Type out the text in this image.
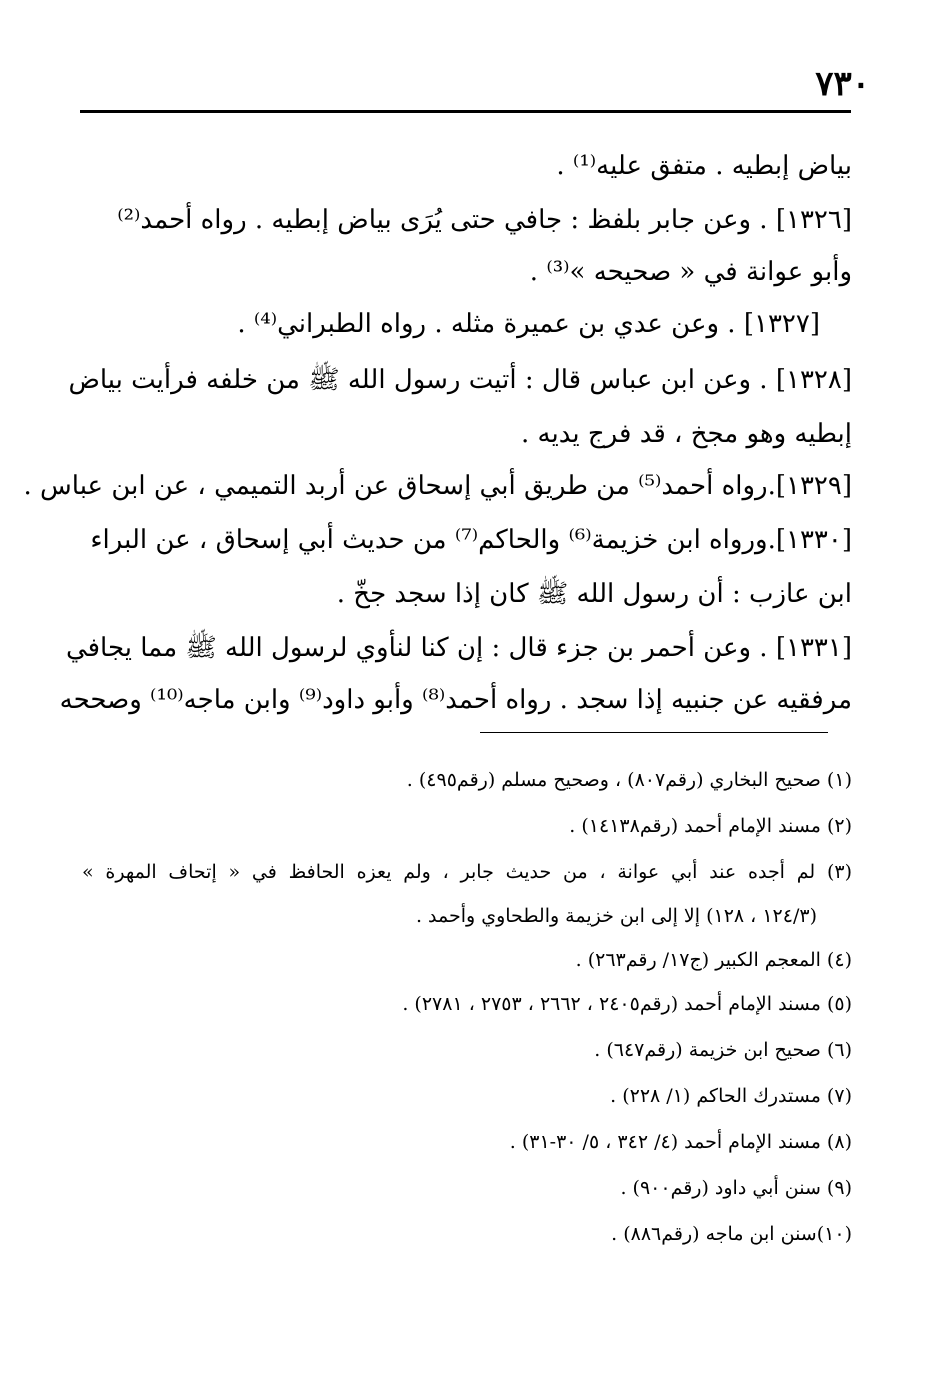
٧٣٠
بياض إبطيه . متفق عليه⁽¹⁾ .
[١٣٢٦] . وعن جابر بلفظ : جافي حتى يُرَى بياض إبطيه . رواه أحمد⁽²⁾
وأبو عوانة في « صحيحه »⁽³⁾ .
[١٣٢٧] . وعن عدي بن عميرة مثله . رواه الطبراني⁽⁴⁾ .
[١٣٢٨] . وعن ابن عباس قال : أتيت رسول الله ﷺ من خلفه فرأيت بياض
إبطيه وهو مجخ ، قد فرج يديه .
[١٣٢٩].رواه أحمد⁽⁵⁾ من طريق أبي إسحاق عن أربد التميمي ، عن ابن عباس .
[١٣٣٠].ورواه ابن خزيمة⁽⁶⁾ والحاكم⁽⁷⁾ من حديث أبي إسحاق ، عن البراء
ابن عازب : أن رسول الله ﷺ كان إذا سجد جخّ .
[١٣٣١] . وعن أحمر بن جزء قال : إن كنا لنأوي لرسول الله ﷺ مما يجافي
مرفقيه عن جنبيه إذا سجد . رواه أحمد⁽⁸⁾ وأبو داود⁽⁹⁾ وابن ماجه⁽¹⁰⁾ وصححه
(١) صحيح البخاري (رقم٨٠٧) ، وصحيح مسلم (رقم٤٩٥) .
(٢) مسند الإمام أحمد (رقم١٤١٣٨) .
(٣) لم أجده عند أبي عوانة ، من حديث جابر ، ولم يعزه الحافظ في « إتحاف المهرة »
(١٢٤/٣ ، ١٢٨) إلا إلى ابن خزيمة والطحاوي وأحمد .
(٤) المعجم الكبير (ج١٧/ رقم٢٦٣) .
(٥) مسند الإمام أحمد (رقم٢٤٠٥ ، ٢٦٦٢ ، ٢٧٥٣ ، ٢٧٨١) .
(٦) صحيح ابن خزيمة (رقم٦٤٧) .
(٧) مستدرك الحاكم (١/ ٢٢٨) .
(٨) مسند الإمام أحمد (٤/ ٣٤٢ ، ٥/ ٣٠-٣١) .
(٩) سنن أبي داود (رقم٩٠٠) .
(١٠)سنن ابن ماجه (رقم٨٨٦) .
